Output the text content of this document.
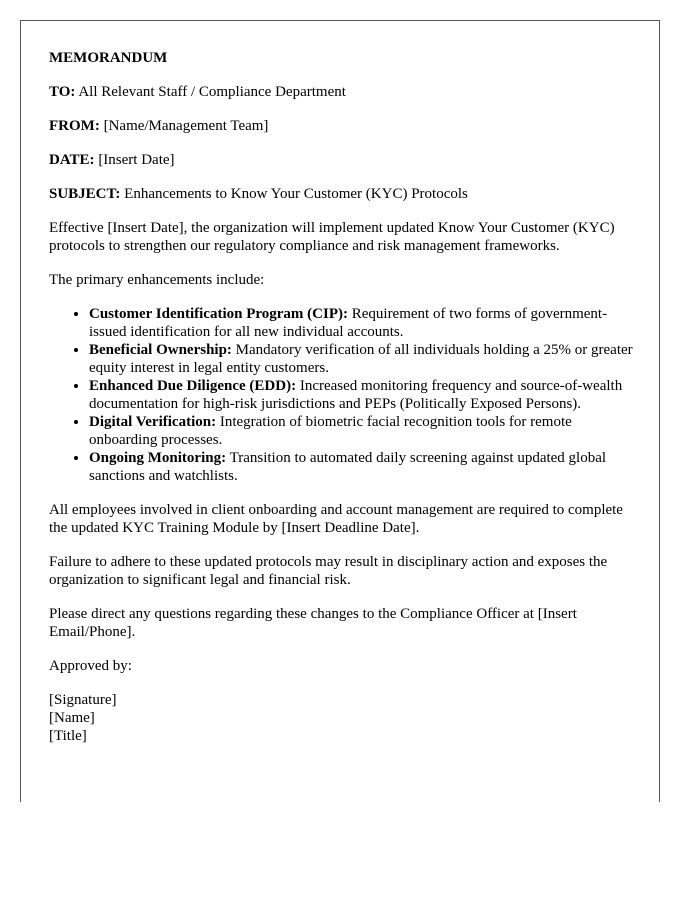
MEMORANDUM

TO: All Relevant Staff / Compliance Department

FROM: [Name/Management Team]

DATE: [Insert Date]

SUBJECT: Enhancements to Know Your Customer (KYC) Protocols

Effective [Insert Date], the organization will implement updated Know Your Customer (KYC) protocols to strengthen our regulatory compliance and risk management frameworks.

The primary enhancements include:

• Customer Identification Program (CIP): Requirement of two forms of government-issued identification for all new individual accounts.
• Beneficial Ownership: Mandatory verification of all individuals holding a 25% or greater equity interest in legal entity customers.
• Enhanced Due Diligence (EDD): Increased monitoring frequency and source-of-wealth documentation for high-risk jurisdictions and PEPs (Politically Exposed Persons).
• Digital Verification: Integration of biometric facial recognition tools for remote onboarding processes.
• Ongoing Monitoring: Transition to automated daily screening against updated global sanctions and watchlists.

All employees involved in client onboarding and account management are required to complete the updated KYC Training Module by [Insert Deadline Date].

Failure to adhere to these updated protocols may result in disciplinary action and exposes the organization to significant legal and financial risk.

Please direct any questions regarding these changes to the Compliance Officer at [Insert Email/Phone].

Approved by:

[Signature]
[Name]
[Title]
